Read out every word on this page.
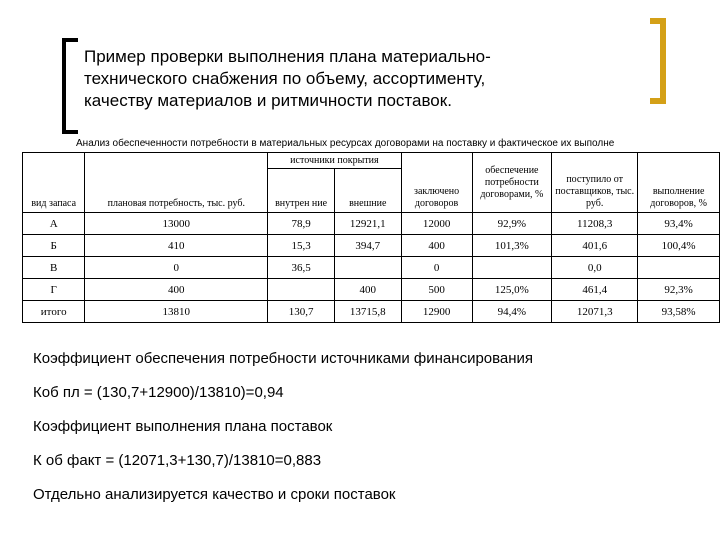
Пример проверки выполнения плана материально-
технического снабжения по объему, ассортименту,
качеству материалов и ритмичности поставок.
Анализ обеспеченности потребности в материальных ресурсах договорами на поставку и фактическое их выполне
вид запаса	плановая потребность, тыс. руб.	источники покрытия		заключено договоров	обеспечение потребности договорами, %	поступило от поставщиков, тыс. руб.	выполнение договоров, %
		внутрен ние	внешние				
А	13000	78,9	12921,1	12000	92,9%	11208,3	93,4%
Б	410	15,3	394,7	400	101,3%	401,6	100,4%
В	0	36,5		0		0,0	
Г	400		400	500	125,0%	461,4	92,3%
итого	13810	130,7	13715,8	12900	94,4%	12071,3	93,58%
Коэффициент обеспечения потребности источниками финансирования
Коб пл = (130,7+12900)/13810)=0,94
Коэффициент выполнения плана поставок
К об факт = (12071,3+130,7)/13810=0,883
Отдельно анализируется качество и сроки поставок
